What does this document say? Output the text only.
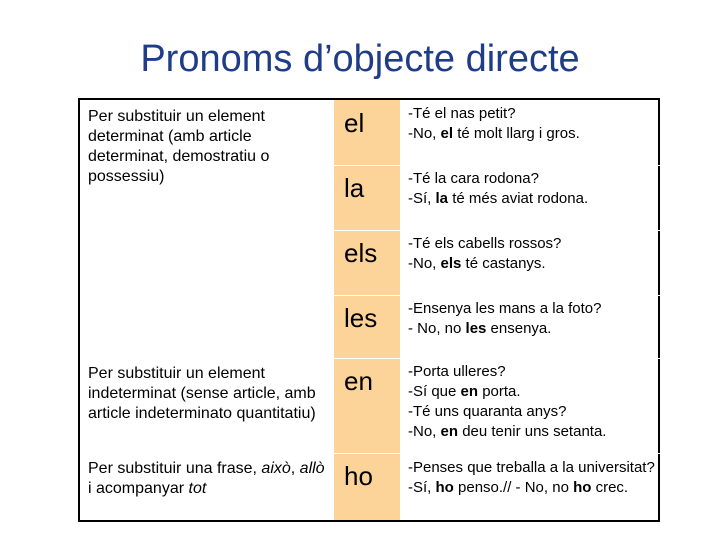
Pronoms d’objecte directe
Per substituir un element determinat (amb article determinat, demostratiu o possessiu)
Per substituir un element indeterminat (sense article, amb article indeterminato quantitatiu)
Per substituir una frase, això, allò i acompanyar tot
el
la
els
les
en
ho
-Té el nas petit?
-No, el té molt llarg i gros.
-Té la cara rodona?
-Sí, la té més aviat rodona.
-Té els cabells rossos?
-No, els té castanys.
-Ensenya les mans a la foto?
- No, no les ensenya.
-Porta ulleres?
-Sí que en porta.
-Té uns quaranta anys?
-No, en deu tenir uns setanta.
-Penses que treballa a la universitat?
-Sí, ho penso.// - No, no ho crec.
